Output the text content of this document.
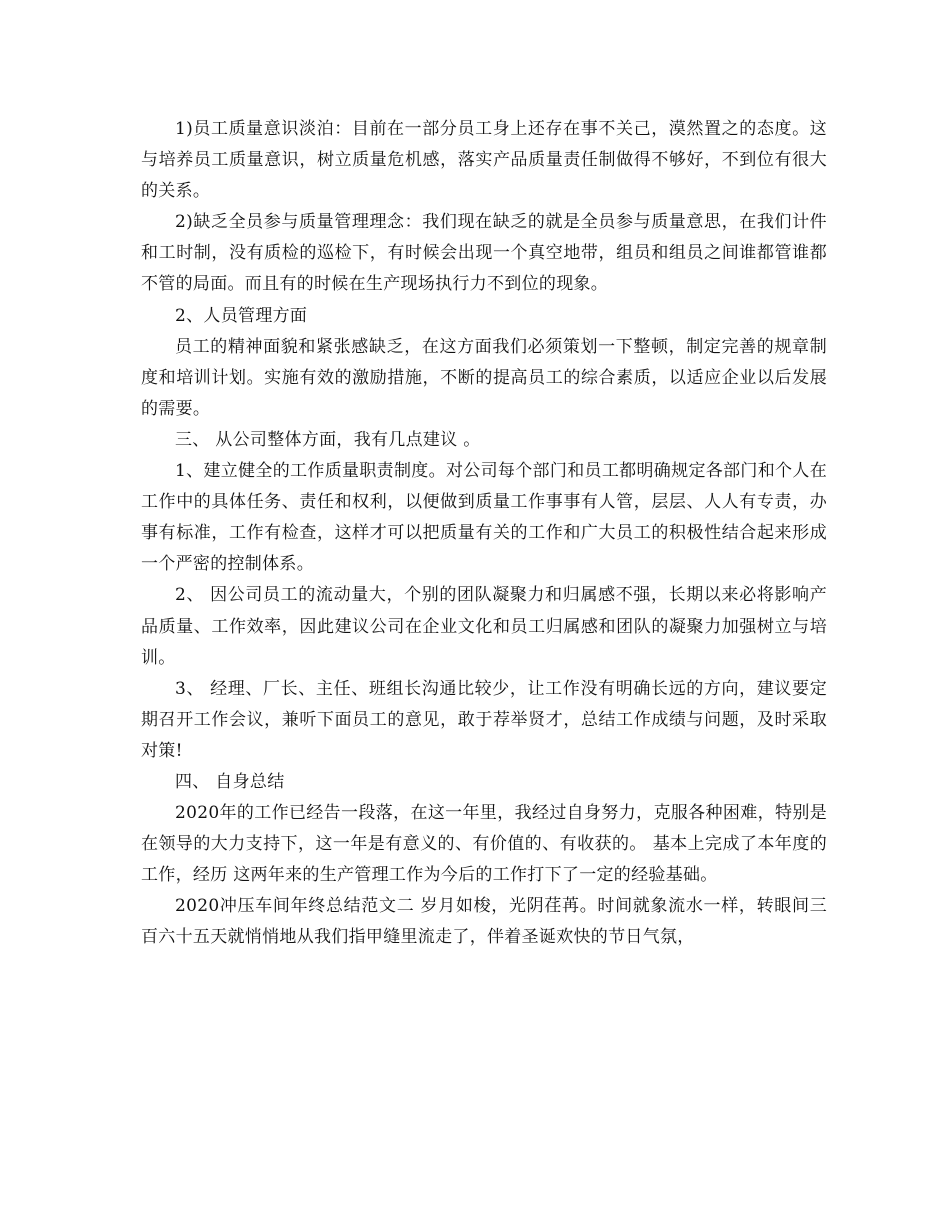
1)员工质量意识淡泊：目前在一部分员工身上还存在事不关己，漠然置之的态度。这与培养员工质量意识，树立质量危机感，落实产品质量责任制做得不够好，不到位有很大的关系。

2)缺乏全员参与质量管理理念：我们现在缺乏的就是全员参与质量意思，在我们计件和工时制，没有质检的巡检下，有时候会出现一个真空地带，组员和组员之间谁都管谁都不管的局面。而且有的时候在生产现场执行力不到位的现象。

2、人员管理方面

员工的精神面貌和紧张感缺乏，在这方面我们必须策划一下整顿，制定完善的规章制度和培训计划。实施有效的激励措施，不断的提高员工的综合素质，以适应企业以后发展的需要。

三、 从公司整体方面，我有几点建议 。

1、建立健全的工作质量职责制度。对公司每个部门和员工都明确规定各部门和个人在工作中的具体任务、责任和权利，以便做到质量工作事事有人管，层层、人人有专责，办事有标准，工作有检查，这样才可以把质量有关的工作和广大员工的积极性结合起来形成一个严密的控制体系。

2、 因公司员工的流动量大，个别的团队凝聚力和归属感不强，长期以来必将影响产品质量、工作效率，因此建议公司在企业文化和员工归属感和团队的凝聚力加强树立与培训。

3、 经理、厂长、主任、班组长沟通比较少，让工作没有明确长远的方向，建议要定期召开工作会议，兼听下面员工的意见，敢于荐举贤才，总结工作成绩与问题，及时采取对策!

四、 自身总结

2020年的工作已经告一段落，在这一年里，我经过自身努力，克服各种困难，特别是在领导的大力支持下，这一年是有意义的、有价值的、有收获的。 基本上完成了本年度的 工作，经历 这两年来的生产管理工作为今后的工作打下了一定的经验基础。

2020冲压车间年终总结范文二 岁月如梭，光阴荏苒。时间就象流水一样，转眼间三百六十五天就悄悄地从我们指甲缝里流走了，伴着圣诞欢快的节日气氛，
